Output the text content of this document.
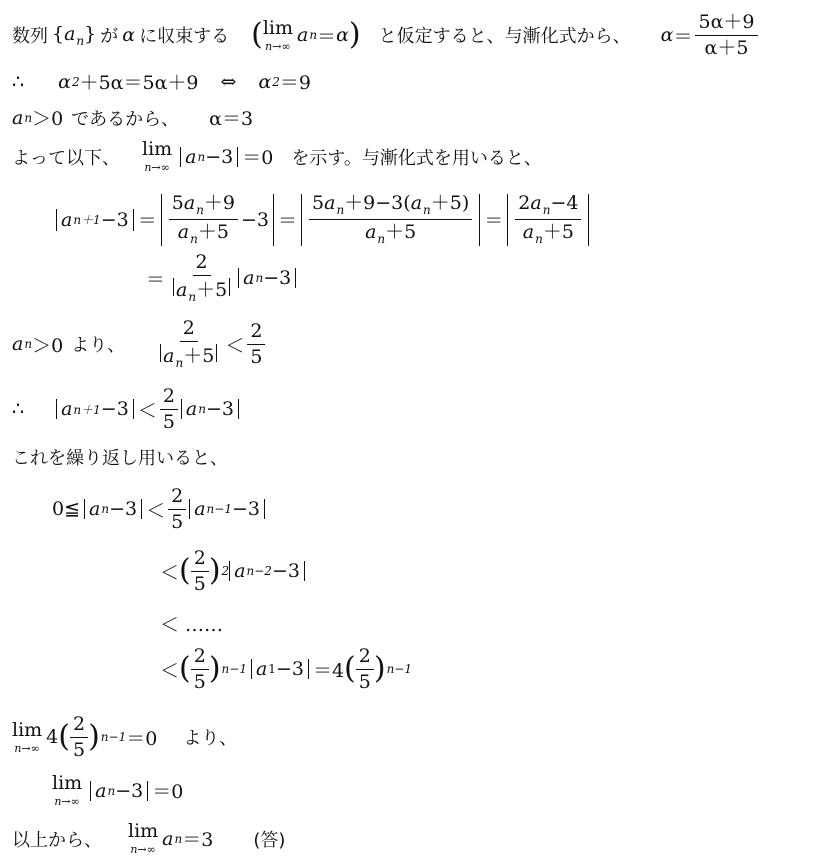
数列 $\{a_n\}$ が α に収束する ( lim
n→∞ a n ＝ α ) と仮定すると、与漸化式から、 $\alpha = \frac{5\alpha+9}{\alpha+5}$
∴ α 2 ＋5α＝5α＋9 ⇔ α 2 ＝9
a n ＞0 であるから、 α＝3
よって以下、 lim
n→∞ a n −3 ＝0 を示す。与漸化式を用いると、
a $n+1 -3 = \frac{5a_n+9}{a_n+5} -3 = \frac{5a_n+9-3(a_n+5)}{a_n+5} = \frac{2a_n-4}{a_n+5}$
＝ $\frac{2}{a_n+5}$ a n −3
a n ＞0 より、 $\frac{2}{a_n+5} < \frac{2}{5}$
∴ a $n+1 -3 < \frac{2}{5}$ a n −3
これを繰り返し用いると、
0≦ a $n -3 < \frac{2}{5}$ a n−1 −3
＜ ( $\frac{2}{5}$ ) 2 a n−2 −3
＜ ……
＜ ( $\frac{2}{5}$ ) n−1 a 1 −3 ＝4 ( $\frac{2}{5}$ ) n−1
lim
n→∞ 4 ( $\frac{2}{5}$ ) n−1 ＝0 より、
lim
n→∞ a n −3 ＝0
以上から、 lim
n→∞ a n ＝3 (答)
